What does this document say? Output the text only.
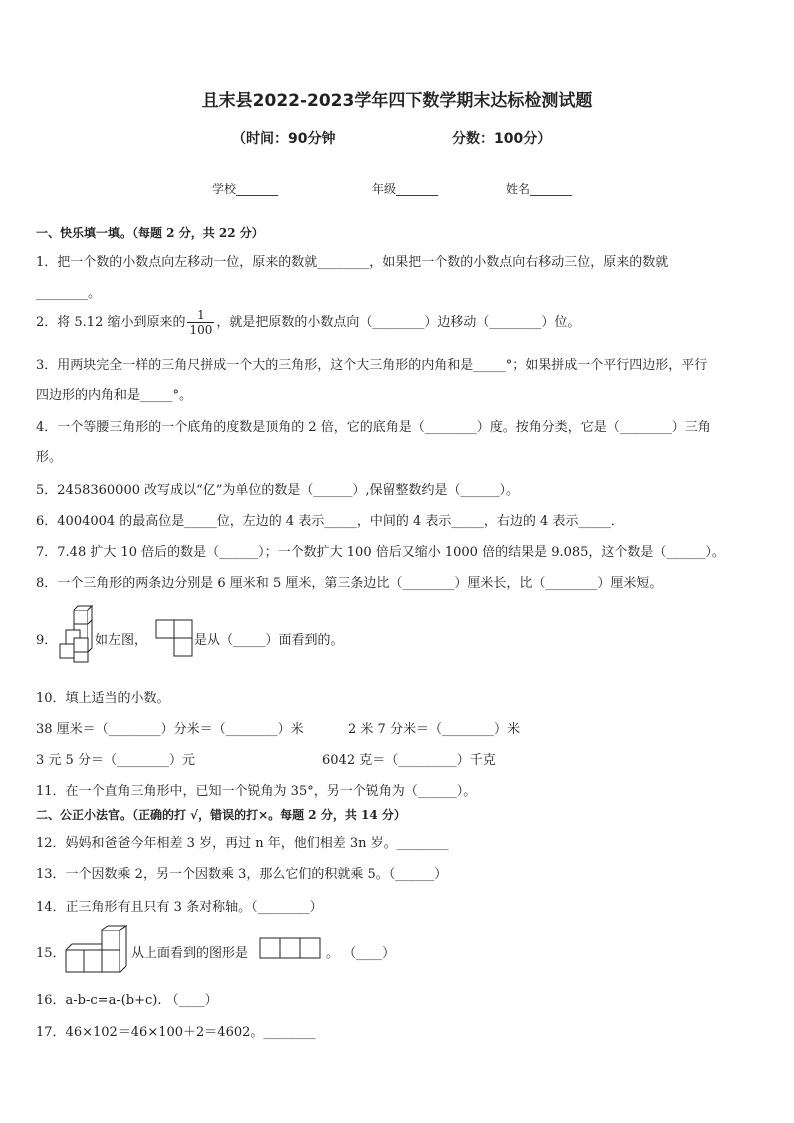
且末县2022-2023学年四下数学期末达标检测试题
（时间：90分钟	分数：100分）
学校_______	年级_______	姓名_______
一、快乐填一填。（每题 2 分，共 22 分）
1．把一个数的小数点向左移动一位，原来的数就________，如果把一个数的小数点向右移动三位，原来的数就
________。
2．将 5.12 缩小到原来的 $\frac{1}{100}$ ，就是把原数的小数点向（________）边移动（________）位。
3．用两块完全一样的三角尺拼成一个大的三角形，这个大三角形的内角和是_____°；如果拼成一个平行四边形，平行
四边形的内角和是_____°。
4．一个等腰三角形的一个底角的度数是顶角的 2 倍，它的底角是（________）度。按角分类，它是（________）三角
形。
5．2458360000 改写成以“亿”为单位的数是（______）,保留整数约是（______）。
6．4004004 的最高位是_____位，左边的 4 表示_____，中间的 4 表示_____，右边的 4 表示_____．
7．7.48 扩大 10 倍后的数是（______）；一个数扩大 100 倍后又缩小 1000 倍的结果是 9.085，这个数是（______）。
8．一个三角形的两条边分别是 6 厘米和 5 厘米，第三条边比（________）厘米长，比（________）厘米短。
9．	如左图，	是从（_____）面看到的。
10．填上适当的小数。
38 厘米＝（________）分米＝（________）米	2 米 7 分米＝（________）米
3 元 5 分＝（________）元	6042 克＝（_________）千克
11．在一个直角三角形中，已知一个锐角为 35°，另一个锐角为（______）。
二、公正小法官。（正确的打 √，错误的打×。每题 2 分，共 14 分）
12．妈妈和爸爸今年相差 3 岁，再过 n 年，他们相差 3n 岁。________
13．一个因数乘 2，另一个因数乘 3，那么它们的积就乘 5。（______）
14．正三角形有且只有 3 条对称轴。（________）
15．	从上面看到的图形是	。 （____）
16．a-b-c=a-(b+c). （____）
17．46×102＝46×100＋2＝4602。________
